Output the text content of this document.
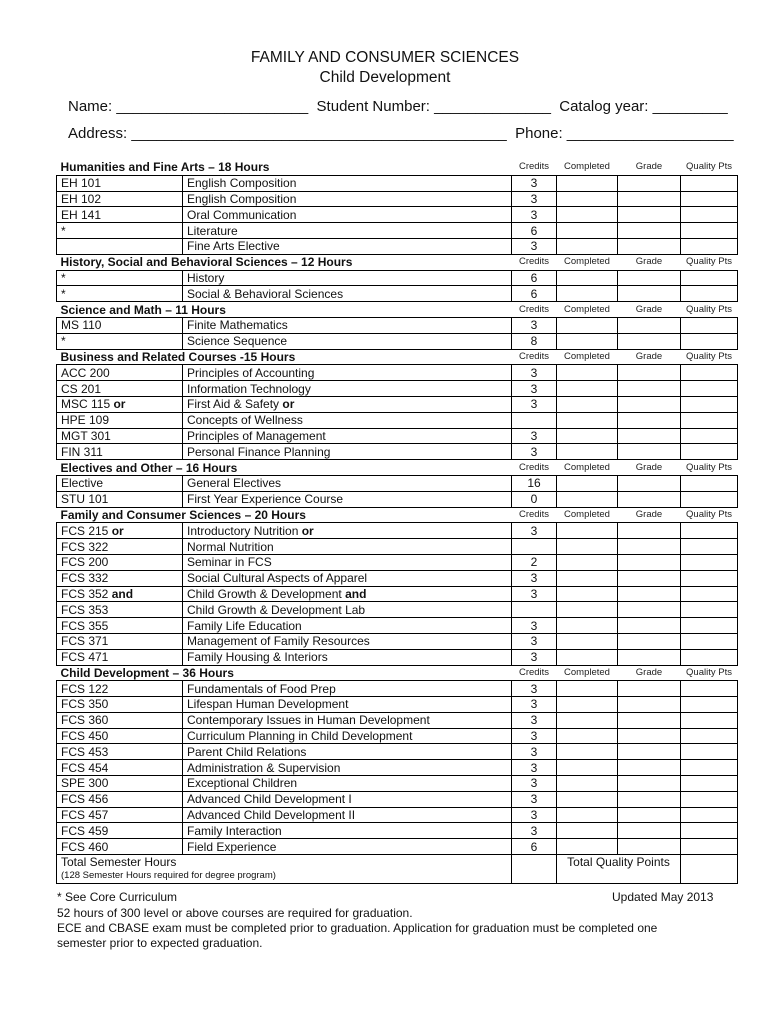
FAMILY AND CONSUMER SCIENCES
Child Development
Name: _______________________  Student Number: ______________  Catalog year: _________
Address: _____________________________________________  Phone: ____________________
Humanities and Fine Arts – 18 Hours		Credits	Completed	Grade	Quality Pts
EH 101	English Composition	3			
EH 102	English Composition	3			
EH 141	Oral Communication	3			
*	Literature	6			
	Fine Arts Elective	3			
History, Social and Behavioral Sciences – 12 Hours		Credits	Completed	Grade	Quality Pts
*	History	6			
*	Social & Behavioral Sciences	6			
Science and Math – 11 Hours		Credits	Completed	Grade	Quality Pts
MS 110	Finite Mathematics	3			
*	Science Sequence	8			
Business and Related Courses -15 Hours		Credits	Completed	Grade	Quality Pts
ACC 200	Principles of Accounting	3			
CS 201	Information Technology	3			
MSC 115 or	First Aid & Safety or	3			
HPE 109	Concepts of Wellness				
MGT 301	Principles of Management	3			
FIN 311	Personal Finance Planning	3			
Electives and Other – 16 Hours		Credits	Completed	Grade	Quality Pts
Elective	General Electives	16			
STU 101	First Year Experience Course	0			
Family and Consumer Sciences – 20 Hours		Credits	Completed	Grade	Quality Pts
FCS 215 or	Introductory Nutrition or	3			
FCS 322	Normal Nutrition				
FCS 200	Seminar in FCS	2			
FCS 332	Social Cultural Aspects of Apparel	3			
FCS 352 and	Child Growth & Development and	3			
FCS 353	Child Growth & Development Lab				
FCS 355	Family Life Education	3			
FCS 371	Management of Family Resources	3			
FCS 471	Family Housing & Interiors	3			
Child Development – 36 Hours		Credits	Completed	Grade	Quality Pts
FCS 122	Fundamentals of Food Prep	3			
FCS 350	Lifespan Human Development	3			
FCS 360	Contemporary Issues in Human Development	3			
FCS 450	Curriculum Planning in Child Development	3			
FCS 453	Parent Child Relations	3			
FCS 454	Administration & Supervision	3			
SPE 300	Exceptional Children	3			
FCS 456	Advanced Child Development I	3			
FCS 457	Advanced Child Development II	3			
FCS 459	Family Interaction	3			
FCS 460	Field Experience	6			

Total Semester Hours
(128 Semester Hours required for degree program)			Total Quality Points		
* See Core Curriculum	Updated May 2013
52 hours of 300 level or above courses are required for graduation.
ECE and CBASE exam must be completed prior to graduation. Application for graduation must be completed one
semester prior to expected graduation.
